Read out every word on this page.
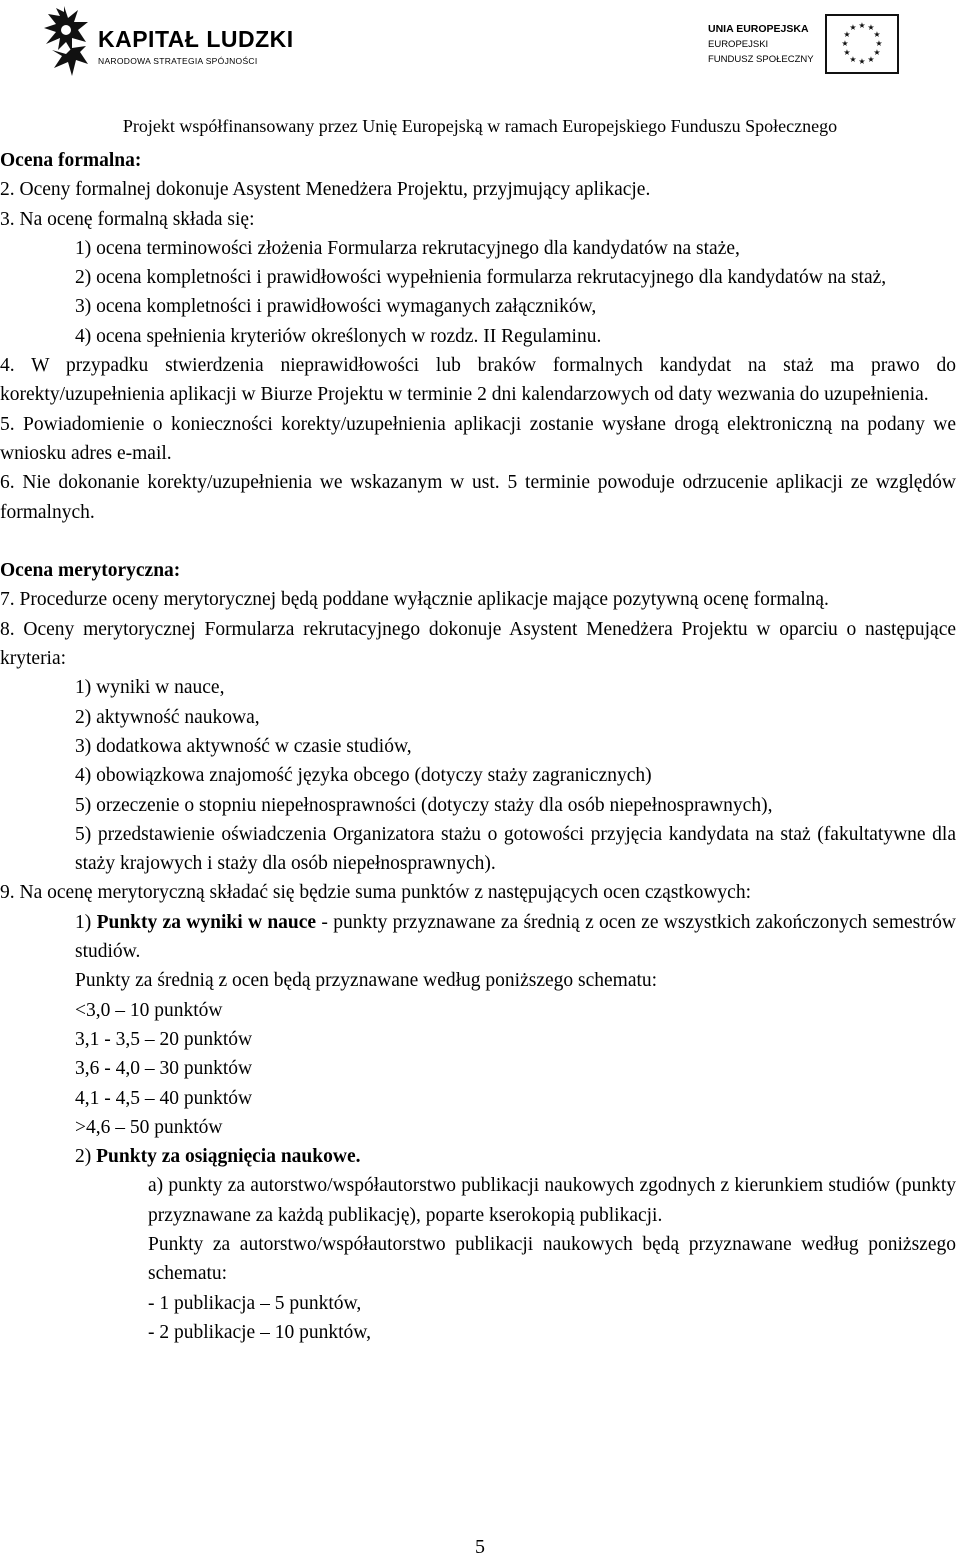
KAPITAŁ LUDZKI
NARODOWA STRATEGIA SPÓJNOŚCI
UNIA EUROPEJSKA
EUROPEJSKI
FUNDUSZ SPOŁECZNY
★ ★
★
★
★
★
★
★
★
★
★
★
Projekt współfinansowany przez Unię Europejską w ramach Europejskiego Funduszu Społecznego

Ocena formalna:

2. Oceny formalnej dokonuje Asystent Menedżera Projektu, przyjmujący aplikacje.

3. Na ocenę formalną składa się:

1) ocena terminowości złożenia Formularza rekrutacyjnego dla kandydatów na staże,

2) ocena kompletności i prawidłowości wypełnienia formularza rekrutacyjnego dla kandydatów na staż,

3) ocena kompletności i prawidłowości wymaganych załączników,

4) ocena spełnienia kryteriów określonych w rozdz. II Regulaminu.

4. W przypadku stwierdzenia nieprawidłowości lub braków formalnych kandydat na staż ma prawo do korekty/uzupełnienia aplikacji w Biurze Projektu w terminie 2 dni kalendarzowych od daty wezwania do uzupełnienia.

5. Powiadomienie o konieczności korekty/uzupełnienia aplikacji zostanie wysłane drogą elektroniczną na podany we wniosku adres e-mail.

6. Nie dokonanie korekty/uzupełnienia we wskazanym w ust. 5 terminie powoduje odrzucenie aplikacji ze względów formalnych.

Ocena merytoryczna:

7. Procedurze oceny merytorycznej będą poddane wyłącznie aplikacje mające pozytywną ocenę formalną.

8. Oceny merytorycznej Formularza rekrutacyjnego dokonuje Asystent Menedżera Projektu w oparciu o następujące kryteria:

1) wyniki w nauce,

2) aktywność naukowa,

3) dodatkowa aktywność w czasie studiów,

4) obowiązkowa znajomość języka obcego (dotyczy staży zagranicznych)

5) orzeczenie o stopniu niepełnosprawności (dotyczy staży dla osób niepełnosprawnych),

5) przedstawienie oświadczenia Organizatora stażu o gotowości przyjęcia kandydata na staż (fakultatywne dla staży krajowych i staży dla osób niepełnosprawnych).

9. Na ocenę merytoryczną składać się będzie suma punktów z następujących ocen cząstkowych:

1) Punkty za wyniki w nauce - punkty przyznawane za średnią z ocen ze wszystkich zakończonych semestrów studiów.

Punkty za średnią z ocen będą przyznawane według poniższego schematu:

<3,0 – 10 punktów

3,1 - 3,5 – 20 punktów

3,6 - 4,0 – 30 punktów

4,1 - 4,5 – 40 punktów

>4,6 – 50 punktów

2) Punkty za osiągnięcia naukowe.

a) punkty za autorstwo/współautorstwo publikacji naukowych zgodnych z kierunkiem studiów (punkty przyznawane za każdą publikację), poparte kserokopią publikacji.

Punkty za autorstwo/współautorstwo publikacji naukowych będą przyznawane według poniższego schematu:

- 1 publikacja – 5 punktów,

- 2 publikacje – 10 punktów,

5
